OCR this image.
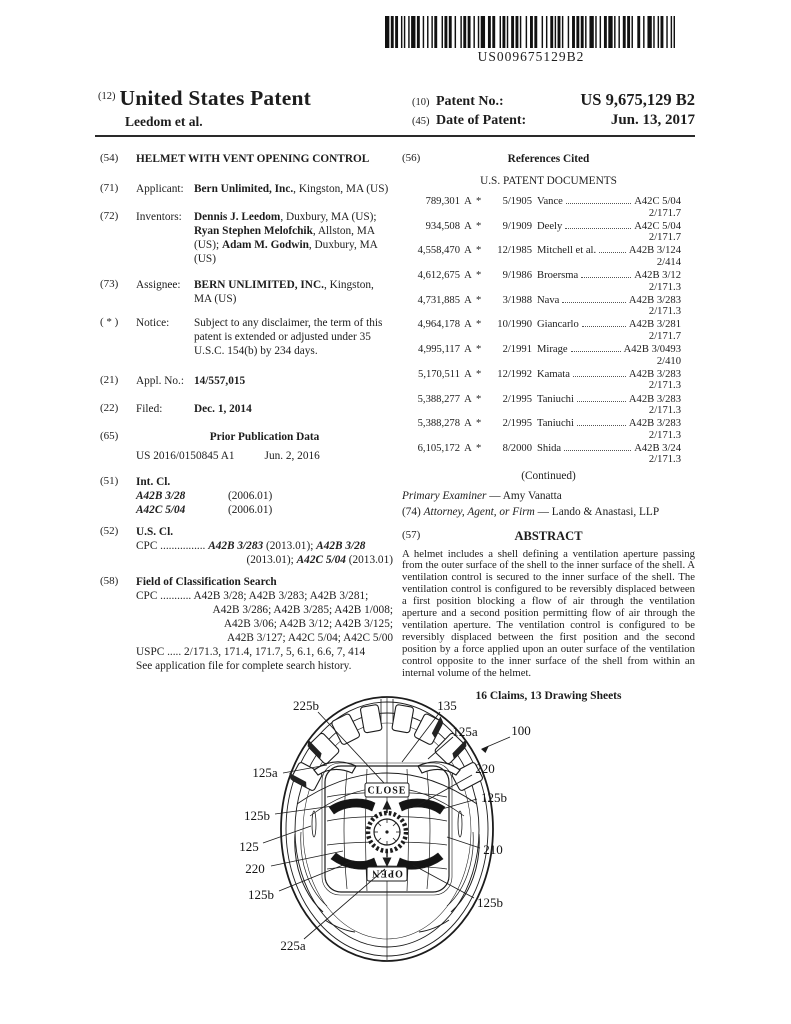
US009675129B2
$^{(12)}$ United States Patent
Leedom et al.
(10) Patent No.:	US 9,675,129 B2
(45) Date of Patent:	Jun. 13, 2017
(54)	HELMET WITH VENT OPENING CONTROL
(71)	Applicant: Bern Unlimited, Inc., Kingston, MA (US)
(72)	Inventors:	Dennis J. Leedom, Duxbury, MA (US); Ryan Stephen Melofchik, Allston, MA (US); Adam M. Godwin, Duxbury, MA (US)
(73)	Assignee:	BERN UNLIMITED, INC., Kingston, MA (US)
( * )	Notice:	Subject to any disclaimer, the term of this patent is extended or adjusted under 35 U.S.C. 154(b) by 234 days.
(21)	Appl. No.: 14/557,015
(22)	Filed:	Dec. 1, 2014
(65)	Prior Publication Data
US 2016/0150845 A1	Jun. 2, 2016
(51)	Int. Cl.
A42B 3/28	(2006.01)
A42C 5/04	(2006.01)
(52)	U.S. Cl.
CPC ................ A42B 3/283 (2013.01); A42B 3/28
(2013.01); A42C 5/04 (2013.01)
(58)	Field of Classification Search
CPC ........... A42B 3/28; A42B 3/283; A42B 3/281;
A42B 3/286; A42B 3/285; A42B 1/008;
A42B 3/06; A42B 3/12; A42B 3/125;
A42B 3/127; A42C 5/04; A42C 5/00
USPC ..... 2/171.3, 171.4, 171.7, 5, 6.1, 6.6, 7, 414
See application file for complete search history.
(56)	References Cited
U.S. PATENT DOCUMENTS
789,301 A *	5/1905 Vance	A42C 5/04
2/171.7
934,508 A *	9/1909 Deely	A42C 5/04
2/171.7
4,558,470 A *	12/1985 Mitchell et al.	A42B 3/124
2/414
4,612,675 A *	9/1986 Broersma	A42B 3/12
2/171.3
4,731,885 A *	3/1988 Nava	A42B 3/283
2/171.3
4,964,178 A *	10/1990 Giancarlo	A42B 3/281
2/171.7
4,995,117 A *	2/1991 Mirage	A42B 3/0493
2/410
5,170,511 A *	12/1992 Kamata	A42B 3/283
2/171.3
5,388,277 A *	2/1995 Taniuchi	A42B 3/283
2/171.3
5,388,278 A *	2/1995 Taniuchi	A42B 3/283
2/171.3
6,105,172 A *	8/2000 Shida	A42B 3/24
2/171.3
(Continued)
Primary Examiner — Amy Vanatta
(74) Attorney, Agent, or Firm — Lando & Anastasi, LLP
(57)	ABSTRACT
A helmet includes a shell defining a ventilation aperture passing from the outer surface of the shell to the inner surface of the shell. A ventilation control is secured to the inner surface of the shell. The ventilation control is configured to be reversibly displaced between a first position blocking a flow of air through the ventilation aperture and a second position permitting flow of air through the ventilation aperture. The ventilation control is configured to be reversibly displaced between the first position and the second position by a force applied upon an outer surface of the ventilation control opposite to the inner surface of the shell from within an internal volume of the helmet.
16 Claims, 13 Drawing Sheets
CLOSE
OPEN
225b	135
125a	100
125a	220
125b
125b
125	210
220
125b
125b
225a
